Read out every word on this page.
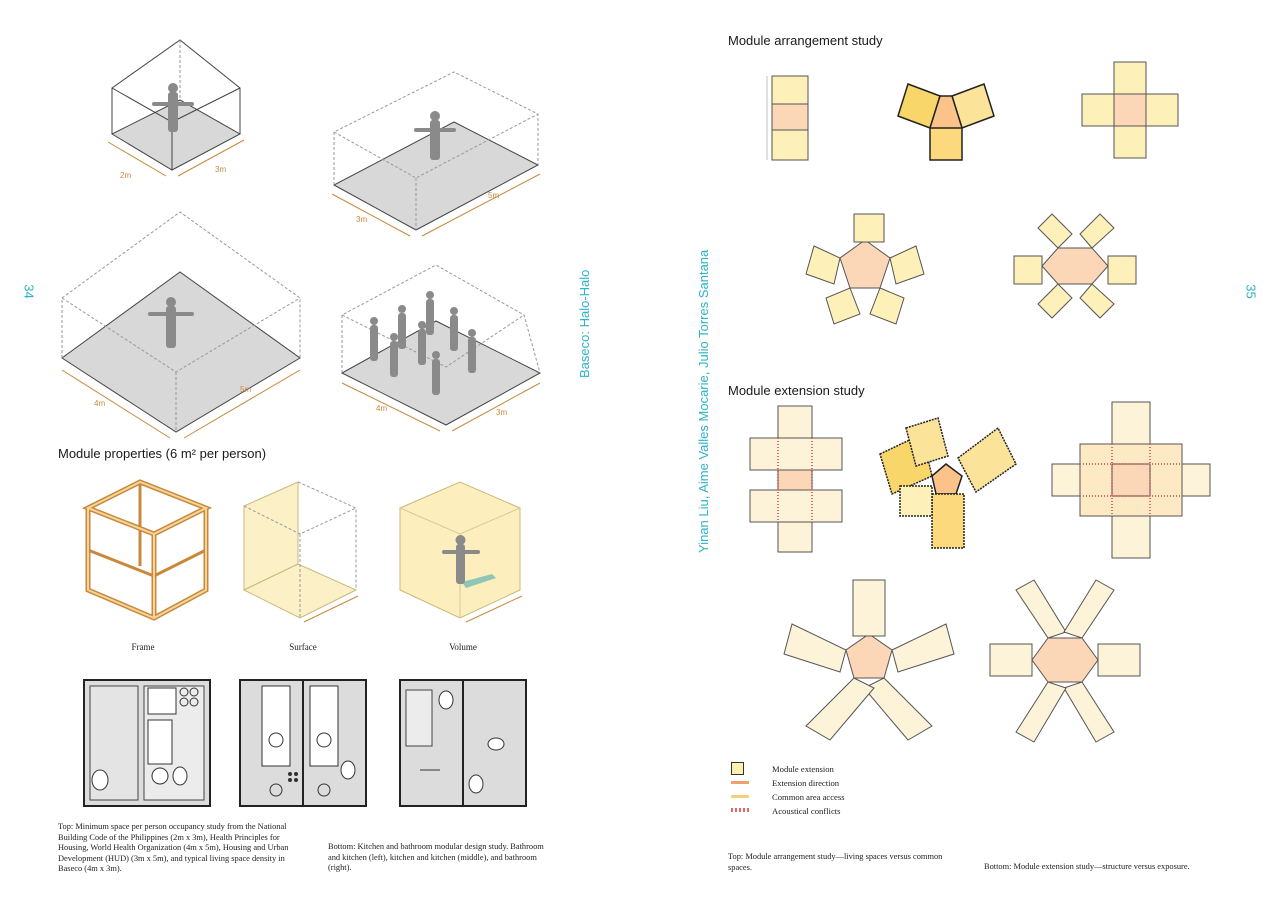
34	Baseco: Halo-Halo
2m
3m
3m
5m
4m
5m
4m	3m
Module properties (6 m² per person)
Frame	Surface	Volume
Top: Minimum space per person occupancy study from the National Building Code of the Philippines (2m x 3m), Health Principles for Housing, World Health Organization (4m x 5m), Housing and Urban Development (HUD) (3m x 5m), and typical living space density in Baseco (4m x 3m).
Bottom: Kitchen and bathroom modular design study. Bathroom and kitchen (left), kitchen and kitchen (middle), and bathroom (right).
Yinan Liu, Aime Valles Mocarie, Julio Torres Santana	35
Module arrangement study
Module extension study
Module extension
Extension direction
Common area access
Acoustical conflicts
Top: Module arrangement study—living spaces versus common spaces.	Bottom: Module extension study—structure versus exposure.
